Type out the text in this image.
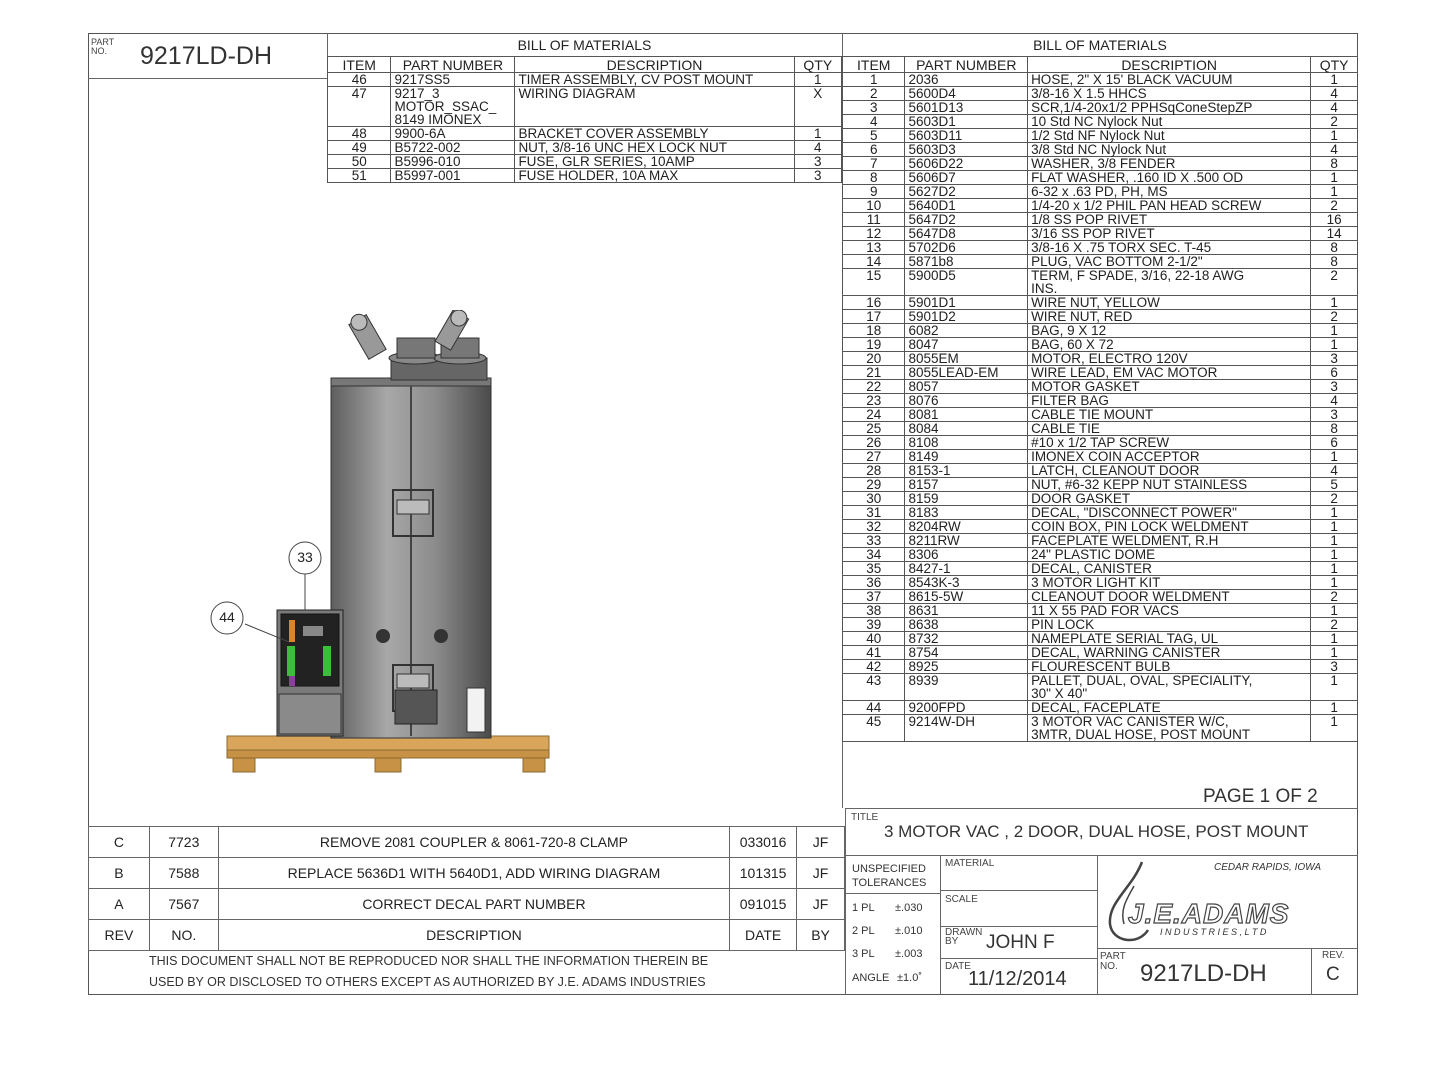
PART
NO.	9217LD-DH	BILL OF MATERIALS
ITEM	PART NUMBER	DESCRIPTION	QTY
46	9217SS5	TIMER ASSEMBLY, CV POST MOUNT	1
47	9217_3
MOTOR_SSAC_
8149 IMONEX	WIRING DIAGRAM	X
48	9900-6A	BRACKET COVER ASSEMBLY	1
49	B5722-002	NUT, 3/8-16 UNC HEX LOCK NUT	4
50	B5996-010	FUSE, GLR SERIES, 10AMP	3
51	B5997-001	FUSE HOLDER, 10A MAX	3
BILL OF MATERIALS
ITEM	PART NUMBER	DESCRIPTION	QTY
1	2036	HOSE, 2" X 15' BLACK VACUUM	1
2	5600D4	3/8-16 X 1.5 HHCS	4
3	5601D13	SCR,1/4-20x1/2 PPHSqConeStepZP	4
4	5603D1	10 Std NC Nylock Nut	2
5	5603D11	1/2 Std NF Nylock Nut	1
6	5603D3	3/8 Std NC Nylock Nut	4
7	5606D22	WASHER, 3/8 FENDER	8
8	5606D7	FLAT WASHER, .160 ID X .500 OD	1
9	5627D2	6-32 x .63 PD, PH, MS	1
10	5640D1	1/4-20 x 1/2 PHIL PAN HEAD SCREW	2
11	5647D2	1/8 SS POP RIVET	16
12	5647D8	3/16 SS POP RIVET	14
13	5702D6	3/8-16 X .75 TORX SEC. T-45	8
14	5871b8	PLUG, VAC BOTTOM 2-1/2"	8
15	5900D5	TERM, F SPADE, 3/16, 22-18 AWG
INS.	2
16	5901D1	WIRE NUT, YELLOW	1
17	5901D2	WIRE NUT, RED	2
18	6082	BAG, 9 X 12	1
19	8047	BAG, 60 X 72	1
20	8055EM	MOTOR, ELECTRO 120V	3
21	8055LEAD-EM	WIRE LEAD, EM VAC MOTOR	6
22	8057	MOTOR GASKET	3
23	8076	FILTER BAG	4
24	8081	CABLE TIE MOUNT	3
25	8084	CABLE TIE	8
26	8108	#10 x 1/2 TAP SCREW	6
27	8149	IMONEX COIN ACCEPTOR	1
28	8153-1	LATCH, CLEANOUT DOOR	4
29	8157	NUT, #6-32 KEPP NUT STAINLESS	5
30	8159	DOOR GASKET	2
31	8183	DECAL, "DISCONNECT POWER"	1
32	8204RW	COIN BOX, PIN LOCK WELDMENT	1
33	8211RW	FACEPLATE WELDMENT, R.H	1
34	8306	24" PLASTIC DOME	1
35	8427-1	DECAL, CANISTER	1
36	8543K-3	3 MOTOR LIGHT KIT	1
37	8615-5W	CLEANOUT DOOR WELDMENT	2
38	8631	11 X 55 PAD FOR VACS	1
39	8638	PIN LOCK	2
40	8732	NAMEPLATE SERIAL TAG, UL	1
41	8754	DECAL, WARNING CANISTER	1
42	8925	FLOURESCENT BULB	3
43	8939	PALLET, DUAL, OVAL, SPECIALITY,
30" X 40"	1
44	9200FPD	DECAL, FACEPLATE	1
45	9214W-DH	3 MOTOR VAC CANISTER W/C,
3MTR, DUAL HOSE, POST MOUNT	1
33
44
PAGE 1 OF 2
C	7723	REMOVE 2081 COUPLER & 8061-720-8 CLAMP	033016	JF
B	7588	REPLACE 5636D1 WITH 5640D1, ADD WIRING DIAGRAM	101315	JF
A	7567	CORRECT DECAL PART NUMBER	091015	JF
REV	NO.	DESCRIPTION	DATE	BY
THIS DOCUMENT SHALL NOT BE REPRODUCED NOR SHALL THE INFORMATION THEREIN BE
USED BY OR DISCLOSED TO OTHERS EXCEPT AS AUTHORIZED BY J.E. ADAMS INDUSTRIES
TITLE
3 MOTOR VAC , 2 DOOR, DUAL HOSE, POST MOUNT
UNSPECIFIED
TOLERANCES
1 PL ±.030
2 PL ±.010
3 PL ±.003
ANGLE ±1.0˚
MATERIAL
SCALE
DRAWN
BY	JOHN F
DATE
11/12/2014
CEDAR RAPIDS, IOWA
J.E.ADAMS
I N D U S T R I E S , L T D
PART
NO. 9217LD-DH
REV.
C
